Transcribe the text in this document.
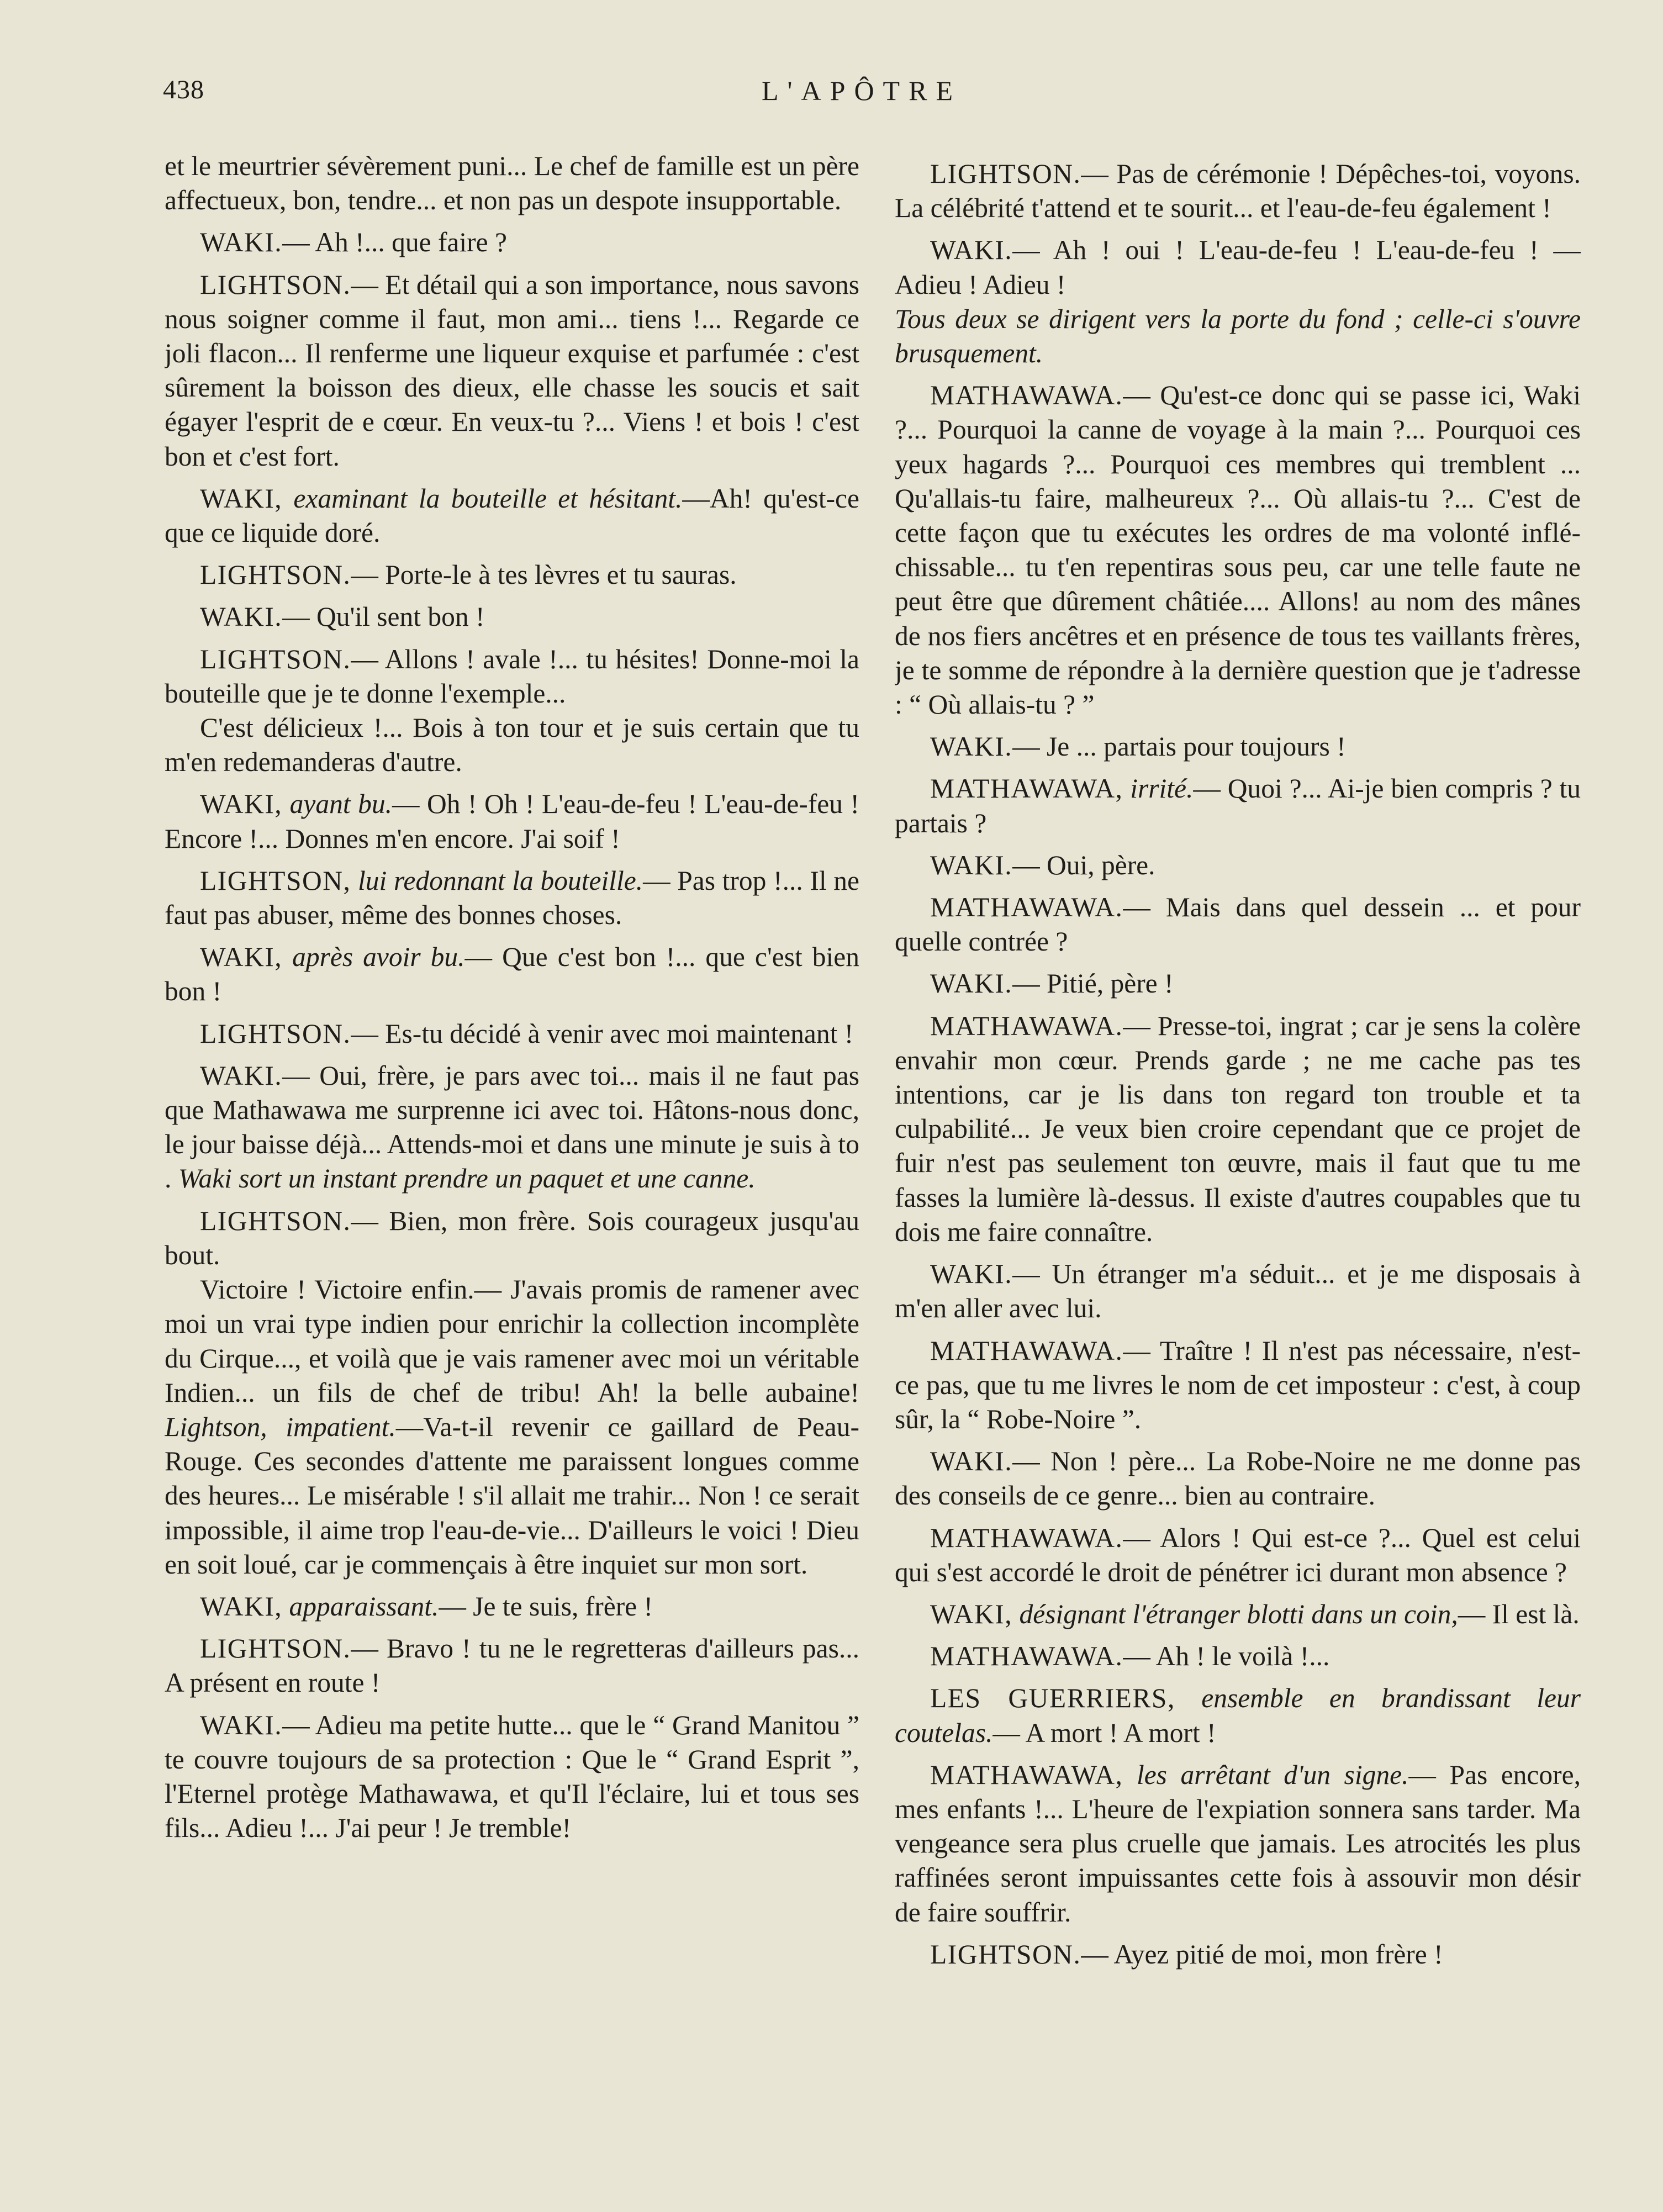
438	L'APÔTRE

et le meurtrier sévèrement puni... Le chef de famille est un père affectueux, bon, tendre... et non pas un despote insupportable.

WAKI.— Ah !... que faire ?

LIGHTSON.— Et détail qui a son importance, nous savons nous soigner comme il faut, mon ami... tiens !... Regarde ce joli flacon... Il renferme une liqueur exquise et parfumée : c'est sûrement la boisson des dieux, elle chasse les soucis et sait égayer l'esprit de e cœur. En veux-tu ?... Viens ! et bois ! c'est bon et c'est fort.

WAKI, examinant la bouteille et hésitant.—Ah! qu'est-ce que ce liquide doré.

LIGHTSON.— Porte-le à tes lèvres et tu sauras.

WAKI.— Qu'il sent bon !

LIGHTSON.— Allons ! avale !... tu hésites! Donne-moi la bouteille que je te donne l'exemple...

C'est délicieux !... Bois à ton tour et je suis certain que tu m'en redemanderas d'autre.

WAKI, ayant bu.— Oh ! Oh ! L'eau-de-feu ! L'eau-de-feu ! Encore !... Donnes m'en encore. J'ai soif !

LIGHTSON, lui redonnant la bouteille.— Pas trop !... Il ne faut pas abuser, même des bonnes choses.

WAKI, après avoir bu.— Que c'est bon !... que c'est bien bon !

LIGHTSON.— Es-tu décidé à venir avec moi maintenant !

WAKI.— Oui, frère, je pars avec toi... mais il ne faut pas que Mathawawa me surprenne ici avec toi. Hâtons-nous donc, le jour baisse déjà... Attends-moi et dans une minute je suis à to . Waki sort un instant prendre un paquet et une canne.

LIGHTSON.— Bien, mon frère. Sois courageux jusqu'au bout.

Victoire ! Victoire enfin.— J'avais promis de ramener avec moi un vrai type indien pour enrichir la collection incomplète du Cirque..., et voilà que je vais ramener avec moi un véritable Indien... un fils de chef de tribu! Ah! la belle aubaine! Lightson, impatient.—Va-t-il revenir ce gaillard de Peau-Rouge. Ces secondes d'attente me paraissent longues comme des heures... Le misérable ! s'il allait me trahir... Non ! ce serait impossible, il aime trop l'eau-de-vie... D'ailleurs le voici ! Dieu en soit loué, car je commençais à être inquiet sur mon sort.

WAKI, apparaissant.— Je te suis, frère !

LIGHTSON.— Bravo ! tu ne le regretteras d'ailleurs pas... A présent en route !

WAKI.— Adieu ma petite hutte... que le “ Grand Manitou ” te couvre toujours de sa protection : Que le “ Grand Esprit ”, l'Eternel protège Mathawawa, et qu'Il l'éclaire, lui et tous ses fils... Adieu !... J'ai peur ! Je tremble!

LIGHTSON.— Pas de cérémonie ! Dépêches-toi, voyons. La célébrité t'attend et te sourit... et l'eau-de-feu également !

WAKI.— Ah ! oui ! L'eau-de-feu ! L'eau-de-feu ! — Adieu ! Adieu !

Tous deux se dirigent vers la porte du fond ; celle-ci s'ouvre brusquement.

MATHAWAWA.— Qu'est-ce donc qui se passe ici, Waki ?... Pourquoi la canne de voyage à la main ?... Pourquoi ces yeux hagards ?... Pourquoi ces membres qui tremblent ... Qu'allais-tu faire, malheureux ?... Où allais-tu ?... C'est de cette façon que tu exécutes les ordres de ma volonté infléchissable... tu t'en repentiras sous peu, car une telle faute ne peut être que dûrement châtiée.... Allons! au nom des mânes de nos fiers ancêtres et en présence de tous tes vaillants frères, je te somme de répondre à la dernière question que je t'adresse : “ Où allais-tu ? ”

WAKI.— Je ... partais pour toujours !

MATHAWAWA, irrité.— Quoi ?... Ai-je bien compris ? tu partais ?

WAKI.— Oui, père.

MATHAWAWA.— Mais dans quel dessein ... et pour quelle contrée ?

WAKI.— Pitié, père !

MATHAWAWA.— Presse-toi, ingrat ; car je sens la colère envahir mon cœur. Prends garde ; ne me cache pas tes intentions, car je lis dans ton regard ton trouble et ta culpabilité... Je veux bien croire cependant que ce projet de fuir n'est pas seulement ton œuvre, mais il faut que tu me fasses la lumière là-dessus. Il existe d'autres coupables que tu dois me faire connaître.

WAKI.— Un étranger m'a séduit... et je me disposais à m'en aller avec lui.

MATHAWAWA.— Traître ! Il n'est pas nécessaire, n'est-ce pas, que tu me livres le nom de cet imposteur : c'est, à coup sûr, la “ Robe-Noire ”.

WAKI.— Non ! père... La Robe-Noire ne me donne pas des conseils de ce genre... bien au contraire.

MATHAWAWA.— Alors ! Qui est-ce ?... Quel est celui qui s'est accordé le droit de pénétrer ici durant mon absence ?

WAKI, désignant l'étranger blotti dans un coin,— Il est là.

MATHAWAWA.— Ah ! le voilà !...

LES GUERRIERS, ensemble en brandissant leur coutelas.— A mort ! A mort !

MATHAWAWA, les arrêtant d'un signe.— Pas encore, mes enfants !... L'heure de l'expiation sonnera sans tarder. Ma vengeance sera plus cruelle que jamais. Les atrocités les plus raffinées seront impuissantes cette fois à assouvir mon désir de faire souffrir.

LIGHTSON.— Ayez pitié de moi, mon frère !
